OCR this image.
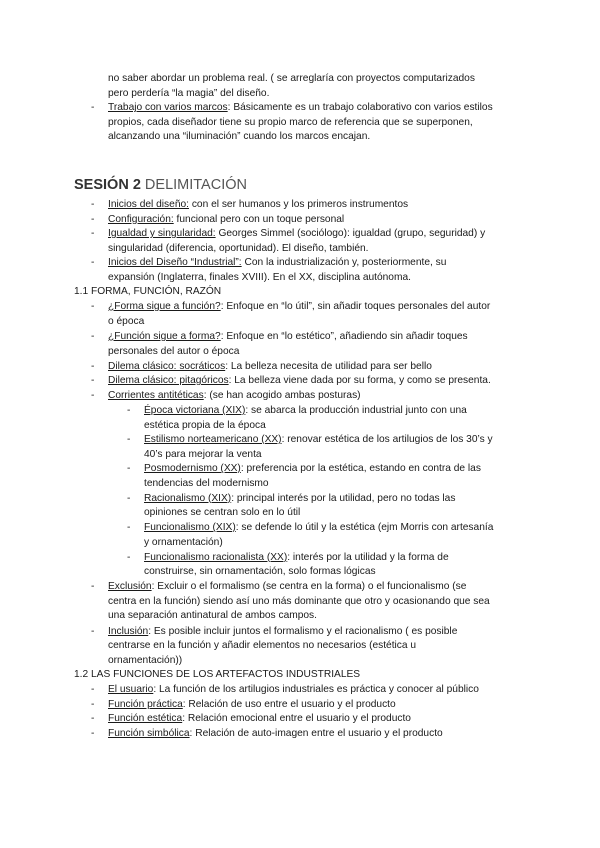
no saber abordar un problema real. ( se arreglaría con proyectos computarizados
pero perdería “la magia” del diseño.
- Trabajo con varios marcos: Básicamente es un trabajo colaborativo con varios estilos
propios, cada diseñador tiene su propio marco de referencia que se superponen,
alcanzando una “iluminación” cuando los marcos encajan.
SESIÓN 2 DELIMITACIÓN
- Inicios del diseño: con el ser humanos y los primeros instrumentos
- Configuración: funcional pero con un toque personal
- Igualdad y singularidad: Georges Simmel (sociólogo): igualdad (grupo, seguridad) y
singularidad (diferencia, oportunidad). El diseño, también.
- Inicios del Diseño “Industrial”: Con la industrialización y, posteriormente, su
expansión (Inglaterra, finales XVIII). En el XX, disciplina autónoma.
1.1 FORMA, FUNCIÓN, RAZÓN
- ¿Forma sigue a función?: Enfoque en “lo útil”, sin añadir toques personales del autor
o época
- ¿Función sigue a forma?: Enfoque en “lo estético”, añadiendo sin añadir toques
personales del autor o época
- Dilema clásico: socráticos: La belleza necesita de utilidad para ser bello
- Dilema clásico: pitagóricos: La belleza viene dada por su forma, y como se presenta.
- Corrientes antitéticas: (se han acogido ambas posturas)
- Época victoriana (XIX): se abarca la producción industrial junto con una
estética propia de la época
- Estilismo norteamericano (XX): renovar estética de los artilugios de los 30’s y
40’s para mejorar la venta
- Posmodernismo (XX): preferencia por la estética, estando en contra de las
tendencias del modernismo
- Racionalismo (XIX): principal interés por la utilidad, pero no todas las
opiniones se centran solo en lo útil
- Funcionalismo (XIX): se defende lo útil y la estética (ejm Morris con artesanía
y ornamentación)
- Funcionalismo racionalista (XX): interés por la utilidad y la forma de
construirse, sin ornamentación, solo formas lógicas
- Exclusión: Excluir o el formalismo (se centra en la forma) o el funcionalismo (se
centra en la función) siendo así uno más dominante que otro y ocasionando que sea
una separación antinatural de ambos campos.
- Inclusión: Es posible incluir juntos el formalismo y el racionalismo ( es posible
centrarse en la función y añadir elementos no necesarios (estética u
ornamentación))
1.2 LAS FUNCIONES DE LOS ARTEFACTOS INDUSTRIALES
- El usuario: La función de los artilugios industriales es práctica y conocer al público
- Función práctica: Relación de uso entre el usuario y el producto
- Función estética: Relación emocional entre el usuario y el producto
- Función simbólica: Relación de auto-imagen entre el usuario y el producto
